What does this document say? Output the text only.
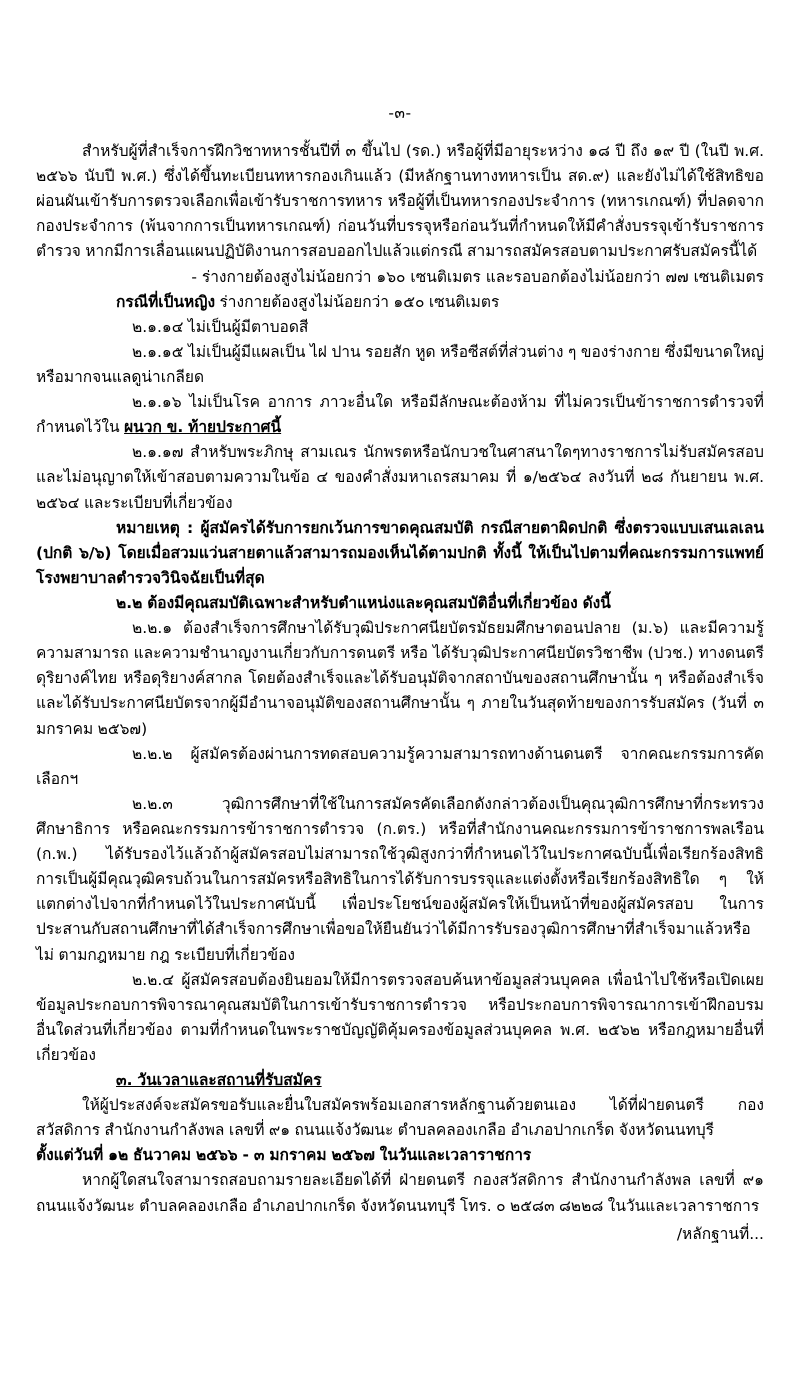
-๓-

สำหรับผู้ที่สำเร็จการฝึกวิชาทหารชั้นปีที่ ๓ ขึ้นไป (รด.) หรือผู้ที่มีอายุระหว่าง ๑๘ ปี ถึง ๑๙ ปี (ในปี พ.ศ. ๒๕๖๖ นับปี พ.ศ.) ซึ่งได้ขึ้นทะเบียนทหารกองเกินแล้ว (มีหลักฐานทางทหารเป็น สด.๙) และยังไม่ได้ใช้สิทธิขอผ่อนผันเข้ารับการตรวจเลือกเพื่อเข้ารับราชการทหาร หรือผู้ที่เป็นทหารกองประจำการ (ทหารเกณฑ์) ที่ปลดจากกองประจำการ (พ้นจากการเป็นทหารเกณฑ์) ก่อนวันที่บรรจุหรือก่อนวันที่กำหนดให้มีคำสั่งบรรจุเข้ารับราชการตำรวจ หากมีการเลื่อนแผนปฏิบัติงานการสอบออกไปแล้วแต่กรณี สามารถสมัครสอบตามประกาศรับสมัครนี้ได้

- ร่างกายต้องสูงไม่น้อยกว่า ๑๖๐ เซนติเมตร และรอบอกต้องไม่น้อยกว่า ๗๗ เซนติเมตร

กรณีที่เป็นหญิง ร่างกายต้องสูงไม่น้อยกว่า ๑๕๐ เซนติเมตร

๒.๑.๑๔ ไม่เป็นผู้มีตาบอดสี

๒.๑.๑๕ ไม่เป็นผู้มีแผลเป็น ไฝ ปาน รอยสัก หูด หรือซีสต์ที่ส่วนต่าง ๆ ของร่างกาย ซึ่งมีขนาดใหญ่หรือมากจนแลดูน่าเกลียด

๒.๑.๑๖ ไม่เป็นโรค อาการ ภาวะอื่นใด หรือมีลักษณะต้องห้าม ที่ไม่ควรเป็นข้าราชการตำรวจที่กำหนดไว้ใน ผนวก ข. ท้ายประกาศนี้

๒.๑.๑๗ สำหรับพระภิกษุ สามเณร นักพรตหรือนักบวชในศาสนาใดๆทางราชการไม่รับสมัครสอบและไม่อนุญาตให้เข้าสอบตามความในข้อ ๔ ของคำสั่งมหาเถรสมาคม ที่ ๑/๒๕๖๔ ลงวันที่ ๒๘ กันยายน พ.ศ. ๒๕๖๔ และระเบียบที่เกี่ยวข้อง

หมายเหตุ : ผู้สมัครได้รับการยกเว้นการขาดคุณสมบัติ กรณีสายตาผิดปกติ ซึ่งตรวจแบบเสนเลเลน (ปกติ ๖/๖) โดยเมื่อสวมแว่นสายตาแล้วสามารถมองเห็นได้ตามปกติ ทั้งนี้ ให้เป็นไปตามที่คณะกรรมการแพทย์โรงพยาบาลตำรวจวินิจฉัยเป็นที่สุด

๒.๒ ต้องมีคุณสมบัติเฉพาะสำหรับตำแหน่งและคุณสมบัติอื่นที่เกี่ยวข้อง ดังนี้

๒.๒.๑ ต้องสำเร็จการศึกษาได้รับวุฒิประกาศนียบัตรมัธยมศึกษาตอนปลาย (ม.๖) และมีความรู้ความสามารถ และความชำนาญงานเกี่ยวกับการดนตรี หรือ ได้รับวุฒิประกาศนียบัตรวิชาชีพ (ปวช.) ทางดนตรีดุริยางค์ไทย หรือดุริยางค์สากล โดยต้องสำเร็จและได้รับอนุมัติจากสถาบันของสถานศึกษานั้น ๆ หรือต้องสำเร็จและได้รับประกาศนียบัตรจากผู้มีอำนาจอนุมัติของสถานศึกษานั้น ๆ ภายในวันสุดท้ายของการรับสมัคร (วันที่ ๓ มกราคม ๒๕๖๗)

๒.๒.๒ ผู้สมัครต้องผ่านการทดสอบความรู้ความสามารถทางด้านดนตรี จากคณะกรรมการคัดเลือกฯ

๒.๒.๓ วุฒิการศึกษาที่ใช้ในการสมัครคัดเลือกดังกล่าวต้องเป็นคุณวุฒิการศึกษาที่กระทรวงศึกษาธิการ หรือคณะกรรมการข้าราชการตำรวจ (ก.ตร.) หรือที่สำนักงานคณะกรรมการข้าราชการพลเรือน (ก.พ.) ได้รับรองไว้แล้วถ้าผู้สมัครสอบไม่สามารถใช้วุฒิสูงกว่าที่กำหนดไว้ในประกาศฉบับนี้เพื่อเรียกร้องสิทธิการเป็นผู้มีคุณวุฒิครบถ้วนในการสมัครหรือสิทธิในการได้รับการบรรจุและแต่งตั้งหรือเรียกร้องสิทธิใด ๆ ให้แตกต่างไปจากที่กำหนดไว้ในประกาศนับนี้ เพื่อประโยชน์ของผู้สมัครให้เป็นหน้าที่ของผู้สมัครสอบ ในการประสานกับสถานศึกษาที่ได้สำเร็จการศึกษาเพื่อขอให้ยืนยันว่าได้มีการรับรองวุฒิการศึกษาที่สำเร็จมาแล้วหรือไม่ ตามกฎหมาย กฎ ระเบียบที่เกี่ยวข้อง

๒.๒.๔ ผู้สมัครสอบต้องยินยอมให้มีการตรวจสอบค้นหาข้อมูลส่วนบุคคล เพื่อนำไปใช้หรือเปิดเผยข้อมูลประกอบการพิจารณาคุณสมบัติในการเข้ารับราชการตำรวจ หรือประกอบการพิจารณาการเข้าฝึกอบรมอื่นใดส่วนที่เกี่ยวข้อง ตามที่กำหนดในพระราชบัญญัติคุ้มครองข้อมูลส่วนบุคคล พ.ศ. ๒๕๖๒ หรือกฎหมายอื่นที่เกี่ยวข้อง

๓. วันเวลาและสถานที่รับสมัคร

ให้ผู้ประสงค์จะสมัครขอรับและยื่นใบสมัครพร้อมเอกสารหลักฐานด้วยตนเอง ได้ที่ฝ่ายดนตรี กองสวัสดิการ สำนักงานกำลังพล เลขที่ ๙๑ ถนนแจ้งวัฒนะ ตำบลคลองเกลือ อำเภอปากเกร็ด จังหวัดนนทบุรี

ตั้งแต่วันที่ ๑๒ ธันวาคม ๒๕๖๖ - ๓ มกราคม ๒๕๖๗ ในวันและเวลาราชการ

หากผู้ใดสนใจสามารถสอบถามรายละเอียดได้ที่ ฝ่ายดนตรี กองสวัสดิการ สำนักงานกำลังพล เลขที่ ๙๑ ถนนแจ้งวัฒนะ ตำบลคลองเกลือ อำเภอปากเกร็ด จังหวัดนนทบุรี โทร. ๐ ๒๕๘๓ ๘๒๒๘ ในวันและเวลาราชการ

/หลักฐานที่...
